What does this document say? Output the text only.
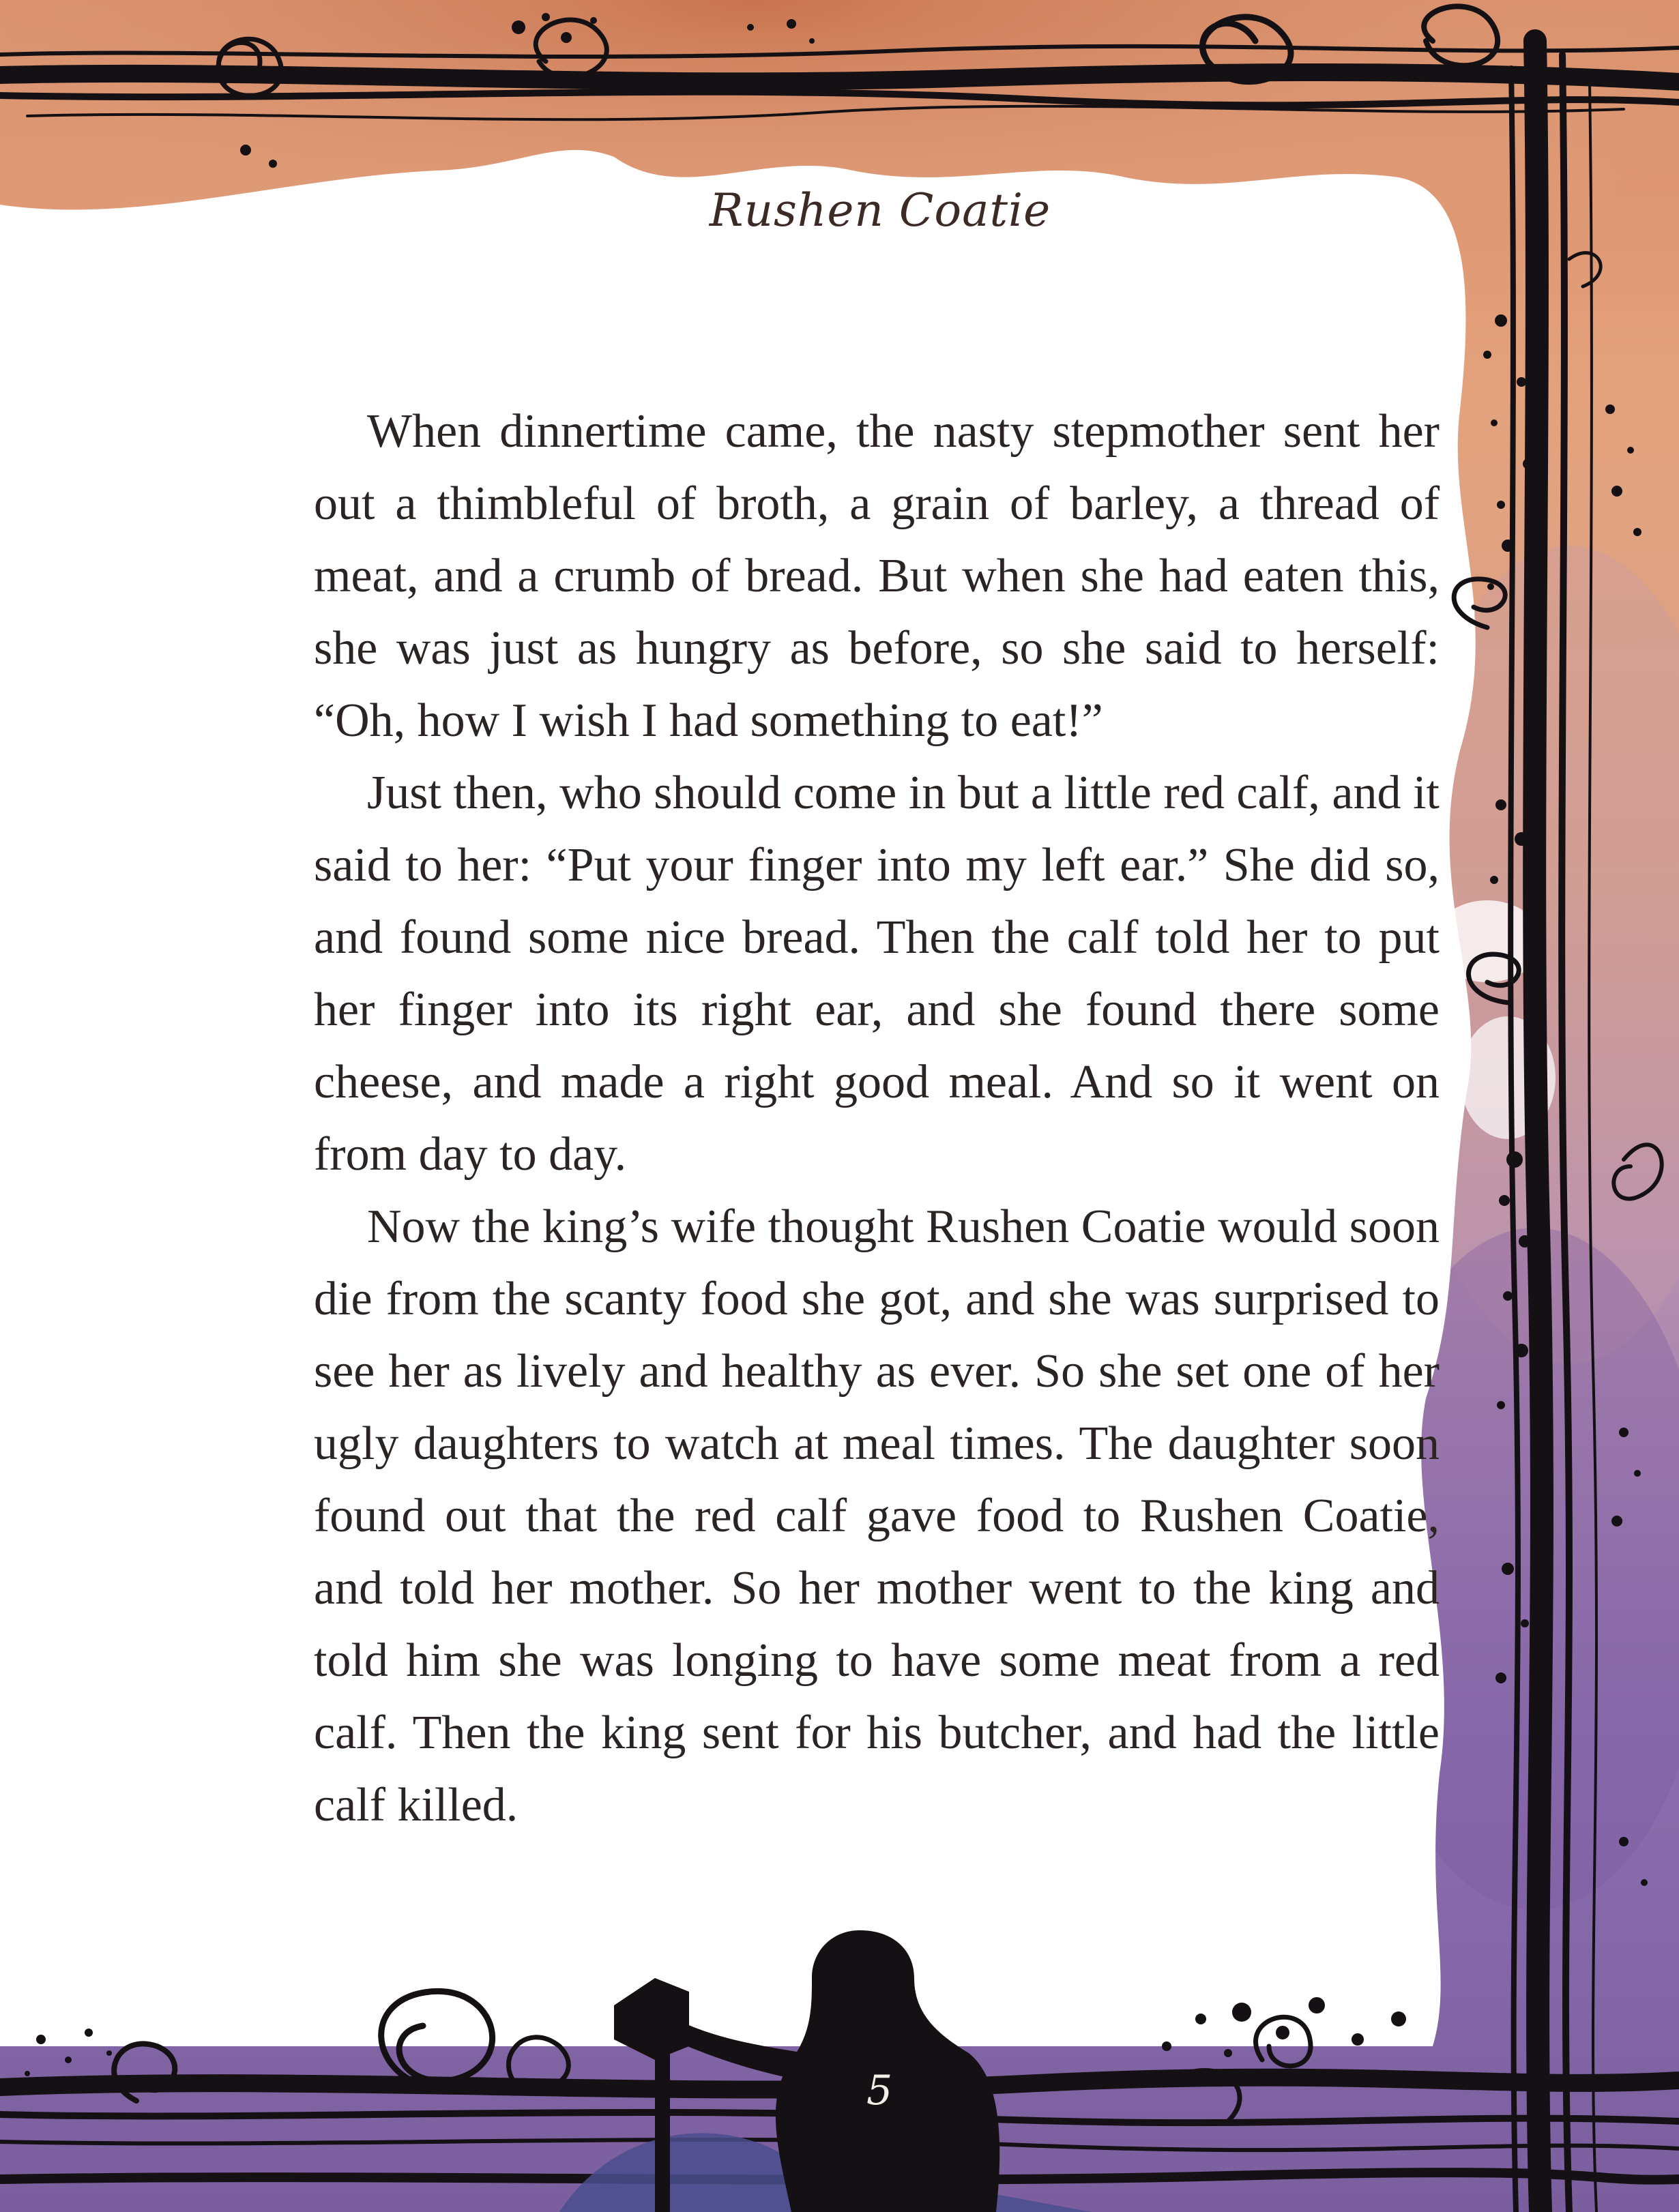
Rushen Coatie

When dinnertime came, the nasty stepmother sent her out a thimbleful of broth, a grain of barley, a thread of meat, and a crumb of bread. But when she had eaten this, she was just as hungry as before, so she said to herself: “Oh, how I wish I had something to eat!”

Just then, who should come in but a little red calf, and it said to her: “Put your finger into my left ear.” She did so, and found some nice bread. Then the calf told her to put her finger into its right ear, and she found there some cheese, and made a right good meal. And so it went on from day to day.

Now the king’s wife thought Rushen Coatie would soon die from the scanty food she got, and she was surprised to see her as lively and healthy as ever. So she set one of her ugly daughters to watch at meal times. The daughter soon found out that the red calf gave food to Rushen Coatie, and told her mother. So her mother went to the king and told him she was longing to have some meat from a red calf. Then the king sent for his butcher, and had the little calf killed.

5
